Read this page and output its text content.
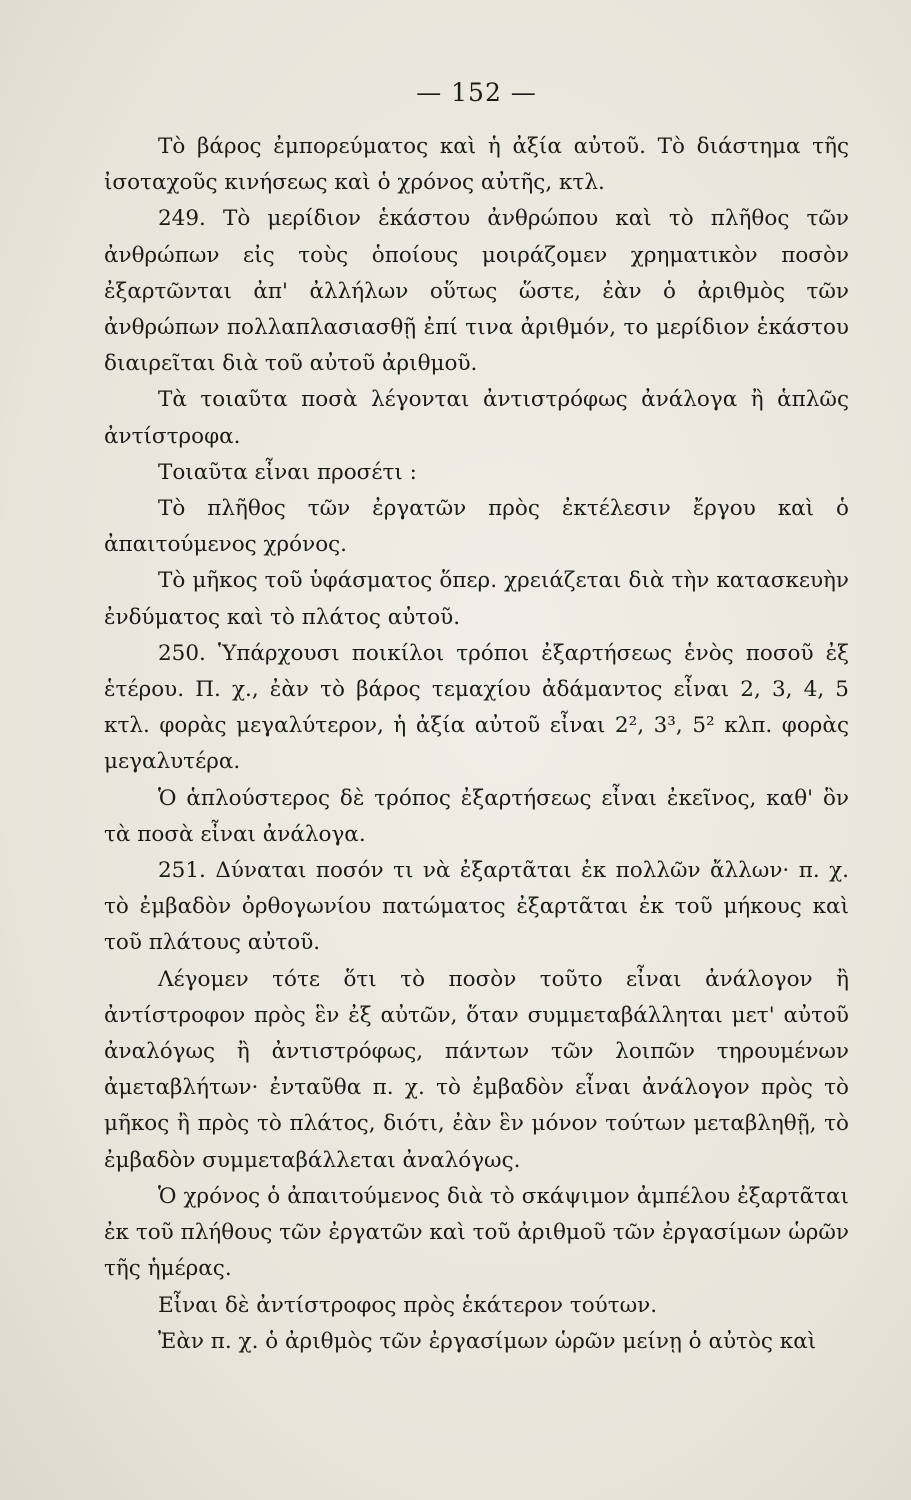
— 152 —

Τὸ βάρος ἐμπορεύματος καὶ ἡ ἀξία αὐτοῦ. Τὸ διάστημα τῆς ἰσοταχοῦς κινήσεως καὶ ὁ χρόνος αὐτῆς, κτλ.

249. Τὸ μερίδιον ἑκάστου ἀνθρώπου καὶ τὸ πλῆθος τῶν ἀνθρώπων εἰς τοὺς ὁποίους μοιράζομεν χρηματικὸν ποσὸν ἐξαρτῶνται ἀπ' ἀλλήλων οὕτως ὥστε, ἐὰν ὁ ἀριθμὸς τῶν ἀνθρώπων πολλαπλασιασθῇ ἐπί τινα ἀριθμόν, το μερίδιον ἑκάστου διαιρεῖται διὰ τοῦ αὐτοῦ ἀριθμοῦ.

Τὰ τοιαῦτα ποσὰ λέγονται ἀντιστρόφως ἀνάλογα ἢ ἁπλῶς ἀντίστροφα.

Τοιαῦτα εἶναι προσέτι :

Τὸ πλῆθος τῶν ἐργατῶν πρὸς ἐκτέλεσιν ἔργου καὶ ὁ ἀπαιτούμενος χρόνος.

Τὸ μῆκος τοῦ ὑφάσματος ὅπερ. χρειάζεται διὰ τὴν κατασκευὴν ἐνδύματος καὶ τὸ πλάτος αὐτοῦ.

250. Ὑπάρχουσι ποικίλοι τρόποι ἐξαρτήσεως ἑνὸς ποσοῦ ἐξ ἑτέρου. Π. χ., ἐὰν τὸ βάρος τεμαχίου ἀδάμαντος εἶναι 2, 3, 4, 5 κτλ. φορὰς μεγαλύτερον, ἡ ἀξία αὐτοῦ εἶναι 2², 3³, 5² κλπ. φορὰς μεγαλυτέρα.

Ὁ ἁπλούστερος δὲ τρόπος ἐξαρτήσεως εἶναι ἐκεῖνος, καθ' ὃν τὰ ποσὰ εἶναι ἀνάλογα.

251. Δύναται ποσόν τι νὰ ἐξαρτᾶται ἐκ πολλῶν ἄλλων· π. χ. τὸ ἐμβαδὸν ὀρθογωνίου πατώματος ἐξαρτᾶται ἐκ τοῦ μήκους καὶ τοῦ πλάτους αὐτοῦ.

Λέγομεν τότε ὅτι τὸ ποσὸν τοῦτο εἶναι ἀνάλογον ἢ ἀντίστροφον πρὸς ἓν ἐξ αὐτῶν, ὅταν συμμεταβάλληται μετ' αὐτοῦ ἀναλόγως ἢ ἀντιστρόφως, πάντων τῶν λοιπῶν τηρουμένων ἀμεταβλήτων· ἐνταῦθα π. χ. τὸ ἐμβαδὸν εἶναι ἀνάλογον πρὸς τὸ μῆκος ἢ πρὸς τὸ πλάτος, διότι, ἐὰν ἓν μόνον τούτων μεταβληθῇ, τὸ ἐμβαδὸν συμμεταβάλλεται ἀναλόγως.

Ὁ χρόνος ὁ ἀπαιτούμενος διὰ τὸ σκάψιμον ἀμπέλου ἐξαρτᾶται ἐκ τοῦ πλήθους τῶν ἐργατῶν καὶ τοῦ ἀριθμοῦ τῶν ἐργασίμων ὡρῶν τῆς ἡμέρας.

Εἶναι δὲ ἀντίστροφος πρὸς ἑκάτερον τούτων.

Ἐὰν π. χ. ὁ ἀριθμὸς τῶν ἐργασίμων ὡρῶν μείνῃ ὁ αὐτὸς καὶ
